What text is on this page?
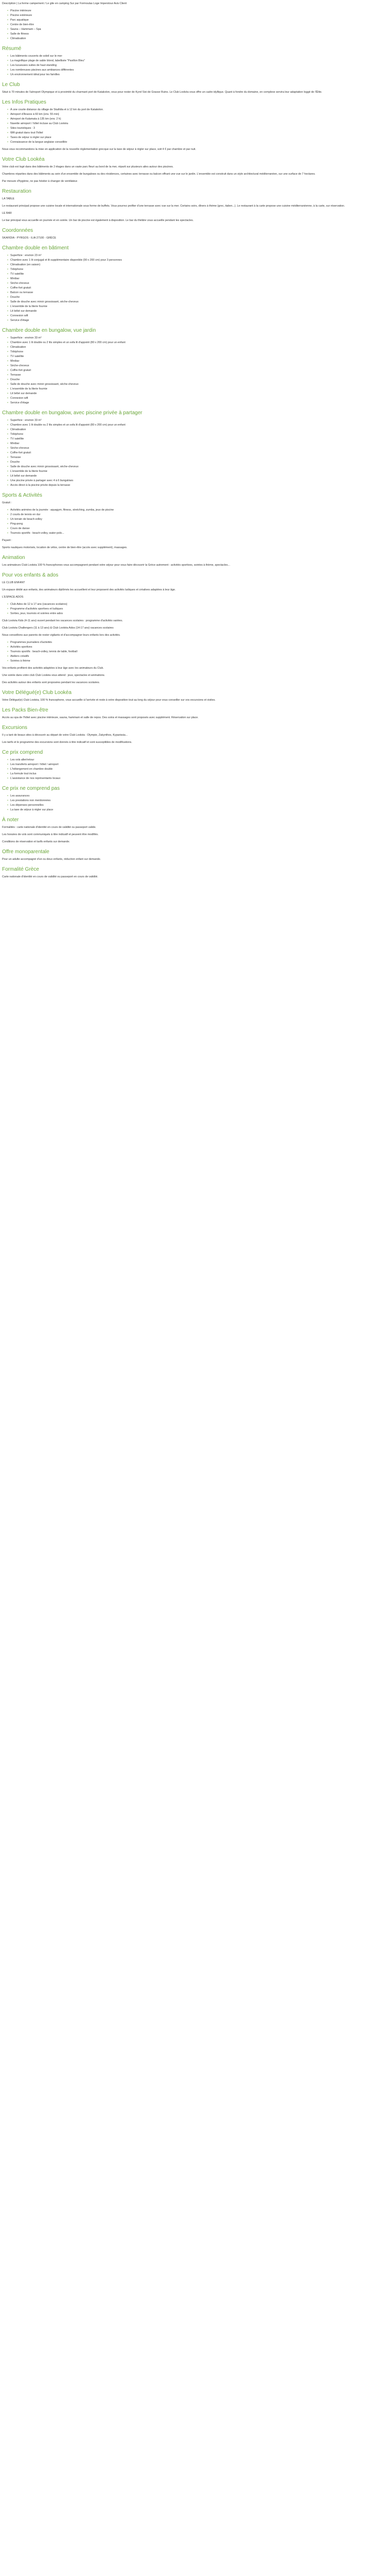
Description | La ferme campement / Le gite en camping Sur par Formoulas Loge Imperstour Avis Client

• Piscine intérieure
• Piscine extérieure
• Parc aquatique
• Centre de bien-être
• Sauna – Hammam – Spa
• Salle de fitness
• Climatisation
Résumé
• Les bâtiments couverts de soleil sur le mer
• La magnifique plage de sable blond, labellisée "Pavillon Bleu"
• Les luxueuses suites de haut standing
• Les nombreuses piscines aux ambiances différentes
• Un environnement idéal pour les familles
Le Club

Situé à 70 minutes de l'aéroport Olympique et à proximité du charmant port de Katakolon, vous pour rester de Kyrel Sixi de Grasse Ruins. Le Club Lookéa vous offre un cadre idyllique. Quant à fondre du domaine, en complexe servira leur adaptation loggé de l'Élite.

Les Infos Pratiques
• À une courte distance du village de Skafidia et à 12 km du port de Katakolon.
• Aéroport d'Araxos à 60 km (env. 55 min)
• Aéroport de Kalamata à 135 km (env. 2 h)
• Navette aéroport / hôtel incluse au Club Lookéa
• Sites touristiques : 3
• Wifi gratuit dans tout l'hôtel
• Taxes de séjour à régler sur place
• Connaissance de la langue anglaise conseillée

Nous vous recommandons la mise en application de la nouvelle réglementation grecque sur la taxe de séjour à régler sur place, soit 4 € par chambre et par nuit.

Votre Club Lookéa

Votre club est logé dans des bâtiments de 2 étages dans un vaste parc fleuri au bord de la mer, réparti sur plusieurs ailes autour des piscines.

Chambres réparties dans des bâtiments au sein d'un ensemble de bungalows ou des résidences, certaines avec terrasse ou balcon offrant une vue sur le jardin. L'ensemble est construit dans un style architectural méditerranéen, sur une surface de 7 hectares.

Par mesure d'hygiène, ne pas hésiter à changer de ventilateur.

Restauration

LA TABLE

Le restaurant principal propose une cuisine locale et internationale sous forme de buffets. Vous pourrez profiter d'une terrasse avec vue sur la mer. Certains soirs, dîners à thème (grec, italien...). Le restaurant à la carte propose une cuisine méditerranéenne, à la carte, sur réservation.

LE BAR

Le bar principal vous accueille en journée et en soirée. Un bar de piscine est également à disposition. Le bar du théâtre vous accueille pendant les spectacles.

Coordonnées

SKAFIDIA - PYRGOS - ILIA 27100 - GRÈCE

Chambre double en bâtiment
• Superficie : environ 23 m²
• Chambre avec 1 lit conjugal et lit supplémentaire disponible (90 x 200 cm) pour 3 personnes
• Climatisation (en saison)
• Téléphone
• TV satellite
• Minibar
• Sèche-cheveux
• Coffre-fort gratuit
• Balcon ou terrasse
• Douche
• Salle de douche avec miroir grossissant, sèche-cheveux
• L'ensemble de la literie fournie
• Lit bébé sur demande
• Connexion wifi
• Service d'étage
Chambre double en bungalow, vue jardin
• Superficie : environ 33 m²
• Chambre avec 1 lit double ou 2 lits simples et un sofa lit d'appoint (80 x 200 cm) pour un enfant
• Climatisation
• Téléphone
• TV satellite
• Minibar
• Sèche-cheveux
• Coffre-fort gratuit
• Terrasse
• Douche
• Salle de douche avec miroir grossissant, sèche-cheveux
• L'ensemble de la literie fournie
• Lit bébé sur demande
• Connexion wifi
• Service d'étage
Chambre double en bungalow, avec piscine privée à partager
• Superficie : environ 33 m²
• Chambre avec 1 lit double ou 2 lits simples et un sofa lit d'appoint (80 x 200 cm) pour un enfant
• Climatisation
• Téléphone
• TV satellite
• Minibar
• Sèche-cheveux
• Coffre-fort gratuit
• Terrasse
• Douche
• Salle de douche avec miroir grossissant, sèche-cheveux
• L'ensemble de la literie fournie
• Lit bébé sur demande
• Une piscine privée à partager avec 4 à 6 bungalows
• Accès direct à la piscine privée depuis la terrasse
Sports & Activités

Gratuit :

• Activités animées de la journée : aquagym, fitness, stretching, zumba, jeux de piscine
• 2 courts de tennis en dur
• Un terrain de beach-volley
• Ping-pong
• Cours de danse
• Tournois sportifs : beach-volley, water-polo...

Payant :

Sports nautiques motorisés, location de vélos, centre de bien-être (accès avec supplément), massages.

Animation

Les animateurs Club Lookéa 100 % francophones vous accompagnent pendant votre séjour pour vous faire découvrir la Grèce autrement : activités sportives, soirées à thème, spectacles...

Pour vos enfants & ados

LE CLUB ENFANT

Un espace dédié aux enfants, des animateurs diplômés les accueillent et leur proposent des activités ludiques et créatives adaptées à leur âge.

L'ESPACE ADOS

• Club Ados de 12 à 17 ans (vacances scolaires)
• Programme d'activités sportives et ludiques
• Sorties, jeux, tournois et soirées entre ados

Club Lookéa Kids (4-11 ans) ouvert pendant les vacances scolaires : programme d'activités variées.

Club Lookéa Challengers (11 à 13 ans) & Club Lookéa Ados (14-17 ans) vacances scolaires

Nous conseillons aux parents de rester vigilants et d'accompagner leurs enfants lors des activités.

• Programmes journaliers d'activités
• Activités sportives
• Tournois sportifs : beach-volley, tennis de table, football
• Ateliers créatifs
• Soirées à thème

Vos enfants profitent des activités adaptées à leur âge avec les animateurs du Club.

Une soirée dans votre club Club Lookéa vous attend : jeux, spectacles et animations.

Des activités autour des enfants sont proposées pendant les vacances scolaires.

Votre Délégué(e) Club Lookéa

Votre Délégué(e) Club Lookéa, 100 % francophone, vous accueille à l'arrivée et reste à votre disposition tout au long du séjour pour vous conseiller sur vos excursions et visites.

Les Packs Bien-être

Accès au spa de l'hôtel avec piscine intérieure, sauna, hammam et salle de repos. Des soins et massages sont proposés avec supplément. Réservation sur place.

Excursions

Il y a tant de beaux sites à découvrir au départ de votre Club Lookéa : Olympie, Zakynthos, Kyparissia...

Les tarifs et le programme des excursions sont donnés à titre indicatif et sont susceptibles de modifications.

Ce prix comprend
• Les vols aller/retour
• Les transferts aéroport / hôtel / aéroport
• L'hébergement en chambre double
• La formule tout inclus
• L'assistance de nos représentants locaux
Ce prix ne comprend pas
• Les assurances
• Les prestations non mentionnées
• Les dépenses personnelles
• La taxe de séjour à régler sur place
À noter

Formalités : carte nationale d'identité en cours de validité ou passeport valide.

Les horaires de vols sont communiqués à titre indicatif et peuvent être modifiés.

Conditions de réservation et tarifs enfants sur demande.

Offre monoparentale

Pour un adulte accompagné d'un ou deux enfants, réduction enfant sur demande.

Formalité Grèce

Carte nationale d'identité en cours de validité ou passeport en cours de validité.
